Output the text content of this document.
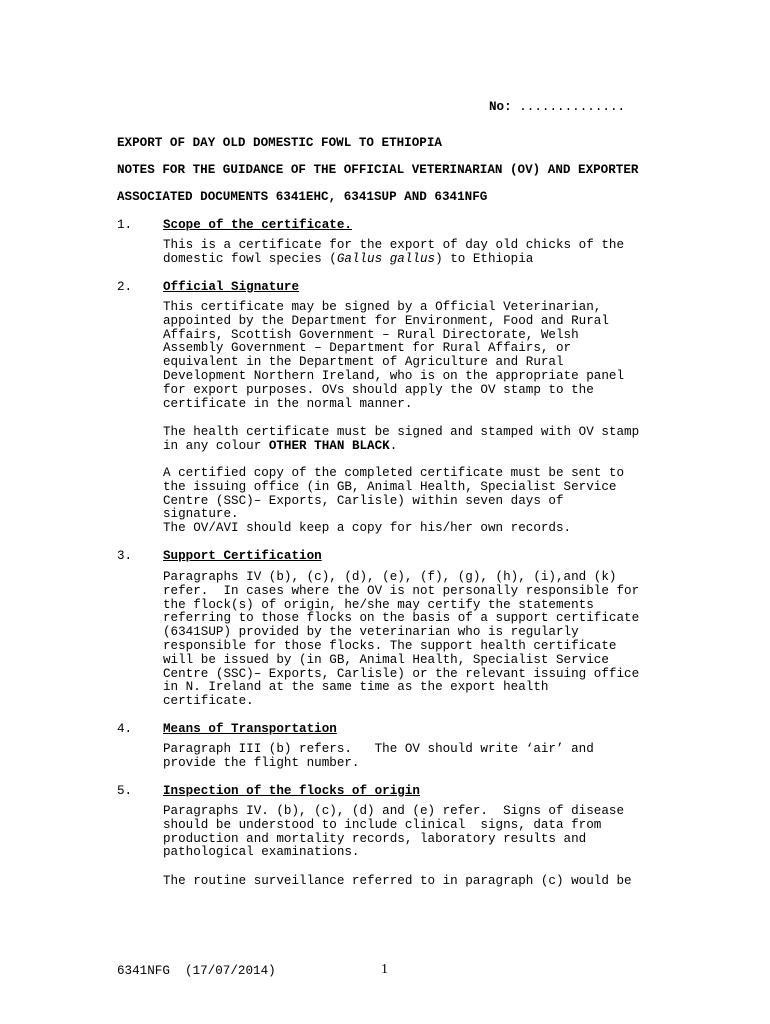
No: ..............
EXPORT OF DAY OLD DOMESTIC FOWL TO ETHIOPIA
NOTES FOR THE GUIDANCE OF THE OFFICIAL VETERINARIAN (OV) AND EXPORTER
ASSOCIATED DOCUMENTS 6341EHC, 6341SUP AND 6341NFG
1. Scope of the certificate.
This is a certificate for the export of day old chicks of the
domestic fowl species (Gallus gallus) to Ethiopia
2. Official Signature
This certificate may be signed by a Official Veterinarian,
appointed by the Department for Environment, Food and Rural
Affairs, Scottish Government – Rural Directorate, Welsh
Assembly Government – Department for Rural Affairs, or
equivalent in the Department of Agriculture and Rural
Development Northern Ireland, who is on the appropriate panel
for export purposes. OVs should apply the OV stamp to the
certificate in the normal manner.
The health certificate must be signed and stamped with OV stamp
in any colour OTHER THAN BLACK.
A certified copy of the completed certificate must be sent to
the issuing office (in GB, Animal Health, Specialist Service
Centre (SSC)– Exports, Carlisle) within seven days of
signature.
The OV/AVI should keep a copy for his/her own records.
3. Support Certification
Paragraphs IV (b), (c), (d), (e), (f), (g), (h), (i),and (k)
refer.  In cases where the OV is not personally responsible for
the flock(s) of origin, he/she may certify the statements
referring to those flocks on the basis of a support certificate
(6341SUP) provided by the veterinarian who is regularly
responsible for those flocks. The support health certificate
will be issued by (in GB, Animal Health, Specialist Service
Centre (SSC)– Exports, Carlisle) or the relevant issuing office
in N. Ireland at the same time as the export health
certificate.
4. Means of Transportation
Paragraph III (b) refers.   The OV should write ‘air’ and
provide the flight number.
5. Inspection of the flocks of origin
Paragraphs IV. (b), (c), (d) and (e) refer.  Signs of disease
should be understood to include clinical  signs, data from
production and mortality records, laboratory results and
pathological examinations.
The routine surveillance referred to in paragraph (c) would be
6341NFG  (17/07/2014)	1
